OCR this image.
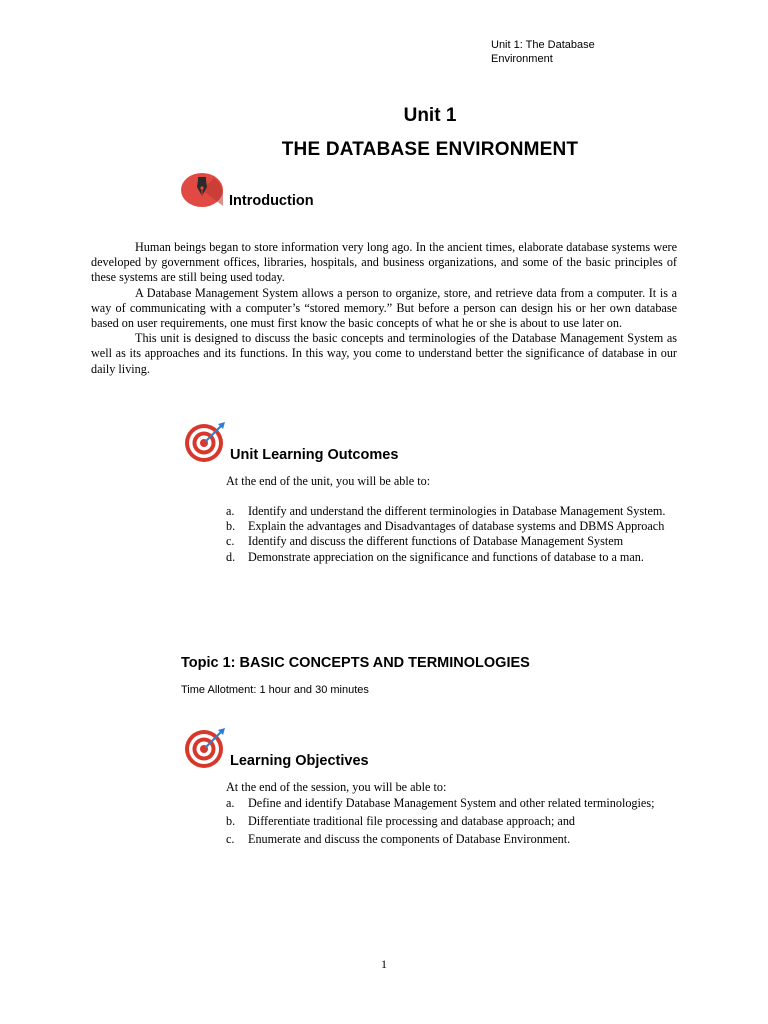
Unit 1: The Database
Environment
Unit 1
THE DATABASE ENVIRONMENT
Introduction

Human beings began to store information very long ago. In the ancient times, elaborate database systems were developed by government offices, libraries, hospitals, and business organizations, and some of the basic principles of these systems are still being used today.

A Database Management System allows a person to organize, store, and retrieve data from a computer. It is a way of communicating with a computer’s “stored memory.” But before a person can design his or her own database based on user requirements, one must first know the basic concepts of what he or she is about to use later on.

This unit is designed to discuss the basic concepts and terminologies of the Database Management System as well as its approaches and its functions. In this way, you come to understand better the significance of database in our daily living.

Unit Learning Outcomes
At the end of the unit, you will be able to:
a. Identify and understand the different terminologies in Database Management System.
b. Explain the advantages and Disadvantages of database systems and DBMS Approach
c. Identify and discuss the different functions of Database Management System
d. Demonstrate appreciation on the significance and functions of database to a man.
Topic 1: BASIC CONCEPTS AND TERMINOLOGIES
Time Allotment: 1 hour and 30 minutes
Learning Objectives
At the end of the session, you will be able to:
a. Define and identify Database Management System and other related terminologies;
b. Differentiate traditional file processing and database approach; and
c. Enumerate and discuss the components of Database Environment.
1
